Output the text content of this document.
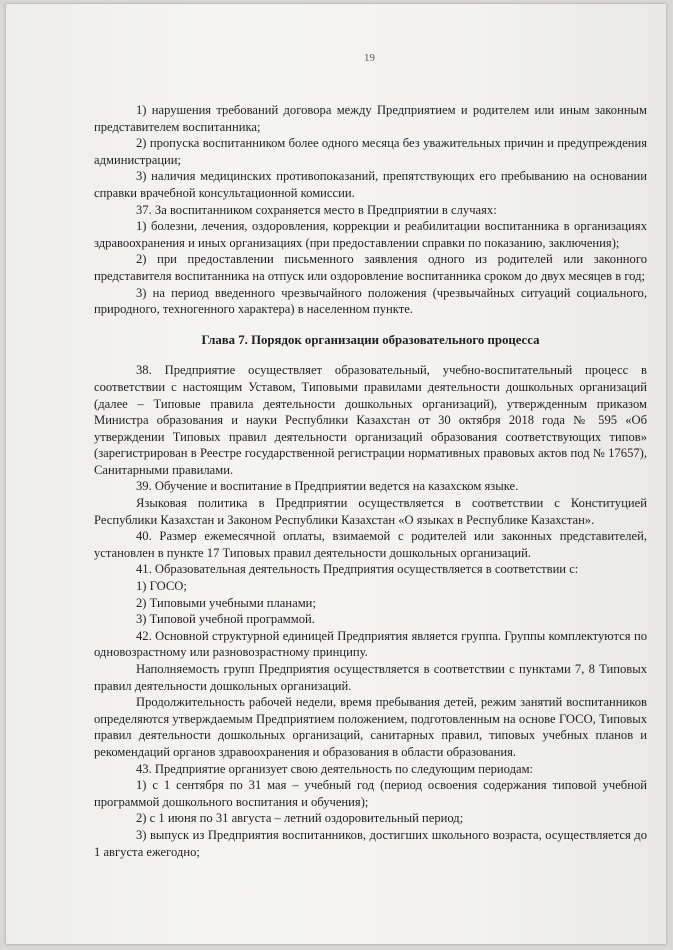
19

1) нарушения требований договора между Предприятием и родителем или иным законным представителем воспитанника;

2) пропуска воспитанником более одного месяца без уважительных причин и предупреждения администрации;

3) наличия медицинских противопоказаний, препятствующих его пребыванию на основании справки врачебной консультационной комиссии.

37. За воспитанником сохраняется место в Предприятии в случаях:

1) болезни, лечения, оздоровления, коррекции и реабилитации воспитанника в организациях здравоохранения и иных организациях (при предоставлении справки по показанию, заключения);

2) при предоставлении письменного заявления одного из родителей или законного представителя воспитанника на отпуск или оздоровление воспитанника сроком до двух месяцев в год;

3) на период введенного чрезвычайного положения (чрезвычайных ситуаций социального, природного, техногенного характера) в населенном пункте.

Глава 7. Порядок организации образовательного процесса

38. Предприятие осуществляет образовательный, учебно-воспитательный процесс в соответствии с настоящим Уставом, Типовыми правилами деятельности дошкольных организаций (далее – Типовые правила деятельности дошкольных организаций), утвержденным приказом Министра образования и науки Республики Казахстан от 30 октября 2018 года № 595 «Об утверждении Типовых правил деятельности организаций образования соответствующих типов» (зарегистрирован в Реестре государственной регистрации нормативных правовых актов под № 17657), Санитарными правилами.

39. Обучение и воспитание в Предприятии ведется на казахском языке.

Языковая политика в Предприятии осуществляется в соответствии с Конституцией Республики Казахстан и Законом Республики Казахстан «О языках в Республике Казахстан».

40. Размер ежемесячной оплаты, взимаемой с родителей или законных представителей, установлен в пункте 17 Типовых правил деятельности дошкольных организаций.

41. Образовательная деятельность Предприятия осуществляется в соответствии с:

1) ГОСО;

2) Типовыми учебными планами;

3) Типовой учебной программой.

42. Основной структурной единицей Предприятия является группа. Группы комплектуются по одновозрастному или разновозрастному принципу.

Наполняемость групп Предприятия осуществляется в соответствии с пунктами 7, 8 Типовых правил деятельности дошкольных организаций.

Продолжительность рабочей недели, время пребывания детей, режим занятий воспитанников определяются утверждаемым Предприятием положением, подготовленным на основе ГОСО, Типовых правил деятельности дошкольных организаций, санитарных правил, типовых учебных планов и рекомендаций органов здравоохранения и образования в области образования.

43. Предприятие организует свою деятельность по следующим периодам:

1) с 1 сентября по 31 мая – учебный год (период освоения содержания типовой учебной программой дошкольного воспитания и обучения);

2) с 1 июня по 31 августа – летний оздоровительный период;

3) выпуск из Предприятия воспитанников, достигших школьного возраста, осуществляется до 1 августа ежегодно;
